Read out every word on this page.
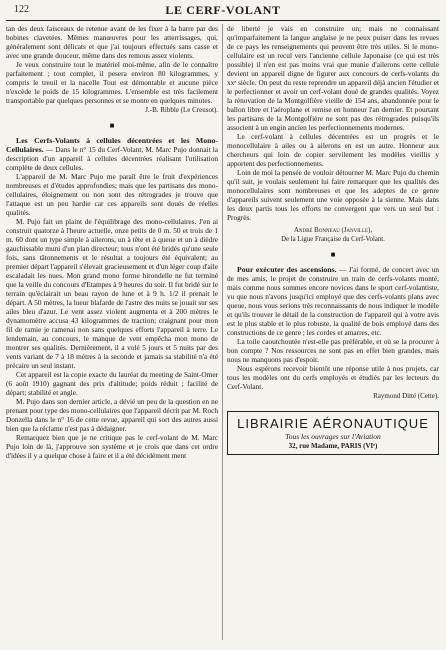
122	LE CERF-VOLANT

tan des deux faisceaux de retenue avant de les fixer à la barre par des bobines clavetées. Mêmes manœuvres pour les atterrissages, qui, généralement sont délicats et que j'ai toujours effectués sans casse et avec une grande douceur, même dans des remous assez violents.

Je veux construire tout le matériel moi-même, afin de le connaître parfaitement ; tout complet, il pesera environ 80 kilogrammes, y compris le treuil et la nacelle Tout est démontable et aucune pièce n'excède le poids de 15 kilogrammes. L'ensemble est très facilement transportable par quelques personnes et se monte en quelques minutes.

J.-B. Ribble (Le Creusot).
■

Les Cerfs-Volants à cellules décentrées et les Mono-Cellulaires. — Dans le n° 15 du Cerf-Volant, M. Marc Pujo donnait la description d'un appareil à cellules décentrées réalisant l'utilisation complète de deux cellules.

L'appareil de M. Marc Pujo me paraît être le fruit d'expériences nombreuses et d'études approfondies; mais que les partisans des mono-cellulaires, éloignement ou non sont des rétrogrades je trouve que l'attaque est un peu hardie car ces appareils sont doués de réelles qualités.

M. Pujo fait un plaint de l'équilibrage des mono-cellulaires. J'en ai construit quatorze à l'heure actuelle, onze petits de 0 m. 50 et trois de 1 m. 60 dont un type simple à ailerons, un à tête et à queue et un à dièdre gauchissable muni d'un plan directeur; tous n'ont été bridés qu'une seule fois, sans tâtonnements et le résultat a toujours été équivalent; au premier départ l'appareil s'élevait gracieusement et d'un léger coup d'aile escaladait les nues. Mon grand mono forme hirondelle ne fut terminé que la veille du concours d'Etampes à 9 heures du soir. Il fut bridé sur le terrain qu'éclairait un beau rayon de lune et à 9 h. 1/2 il prenait le départ. A 50 mètres, la lueur blafarde de l'astre des nuits se jouait sur ses ailes bleu d'azur. Le vent assez violent augmenta et à 200 mètres le dynamomètre accusa 43 kilogrammes de traction; craignant pour mon fil de ramie je ramenai non sans quelques efforts l'appareil à terre. Le lendemain, au concours, le manque de vent empêcha mon mono de montrer ses qualités. Dernièrement, il a volé 5 jours et 5 nuits par des vents variant de 7 à 18 mètres à la seconde et jamais sa stabilité n'a été précaire un seul instant.

Cet appareil est la copie exacte du lauréat du meeting de Saint-Omer (6 août 1910) gagnant des prix d'altitude; poids réduit ; facilité de départ; stabilité et angle.

M. Pujo dans son dernier article, a dévié un peu de la question en ne prenant pour type des mono-cellulaires que l'appareil décrit par M. Roch Donzella dans le n° 16 de cette revue, appareil qui sort des autres aussi bien que la réclame n'est pas à dédaigner.

Remarquez bien que je ne critique pas le cerf-volant de M. Marc Pujo loin de là, j'approuve son système et je crois que dans cet ordre d'idées il y a quelque chose à faire et il a été décidément ment

de liberté je vais en construire un; mais ne connaissant qu'imparfaitement la langue anglaise je ne peux puiser dans les revues de ce pays les renseignements qui peuvent être très utiles. Si le mono-cellulaire est un recul vers l'ancienne cellule Japonaise (ce qui est très possible) il n'en est pas moins vrai que munie d'ailerons cette cellule devient un appareil digne de figurer aux concours de cerfs-volants du xxᵉ siècle. On peut du reste reprendre un appareil déjà ancien l'étudier et le perfectionner et avoir un cerf-volant doué de grandes qualités. Voyez la rénovation de la Montgolfière vieille de 154 ans, abandonnée pour le ballon libre et l'aéroplane et remise en honneur l'an dernier. Et pourtant les partisans de la Montgolfière ne sont pas des rétrogrades puisqu'ils associent à un engin ancien les perfectionnements modernes.

Le cerf-volant à cellules décentrées est un progrès et le monocellulaire à ailes ou à ailerons en est un autre. Honneur aux chercheurs qui loin de copier servilement les modèles vieillis y apportent des perfectionnements.

Loin de moi la pensée de vouloir détourner M. Marc Pujo du chemin qu'il suit, je voulais seulement lui faire remarquer que les qualités des monocellulaires sont nombreuses et que les adeptes de ce genre d'appareils suivent seulement une voie opposée à la sienne. Mais dans les deux partis tous les efforts ne convergent que vers un seul but : Progrès.

André Bonneau (Janville),
De la Ligue Française du Cerf-Volant.
■

Pour exécuter des ascensions. — J'ai formé, de concert avec un de mes amis, le projet de construire un train de cerfs-volants monté, mais comme nous sommes encore novices dans le sport cerf-volantiste, vu que nous n'avons jusqu'ici employé que des cerfs-volants plans avec queue, nous vous serions très reconnaissants de nous indiquer le modèle et qu'ils trouver le détail de la construction de l'appareil qui à votre avis est le plus stable et le plus robuste, la qualité de bois employé dans des constructions de ce genre ; les cordes et amarres, etc.

La toile caoutchoutée n'est-elle pas préférable, et où se la procurer à bon compte ? Nos ressources ne sont pas en effet bien grandes, mais nous ne manquons pas d'espoir.

Nous espérons recevoir bientôt une réponse utile à nos projets, car tous les modèles ont du cerfs employés et étudiés par les lecteurs du Cerf-Volant.

Raymond Ditté (Cette).
LIBRAIRIE AÉRONAUTIQUE
Tous les ouvrages sur l'Aviation
32, rue Madame, PARIS (VIᵉ)
